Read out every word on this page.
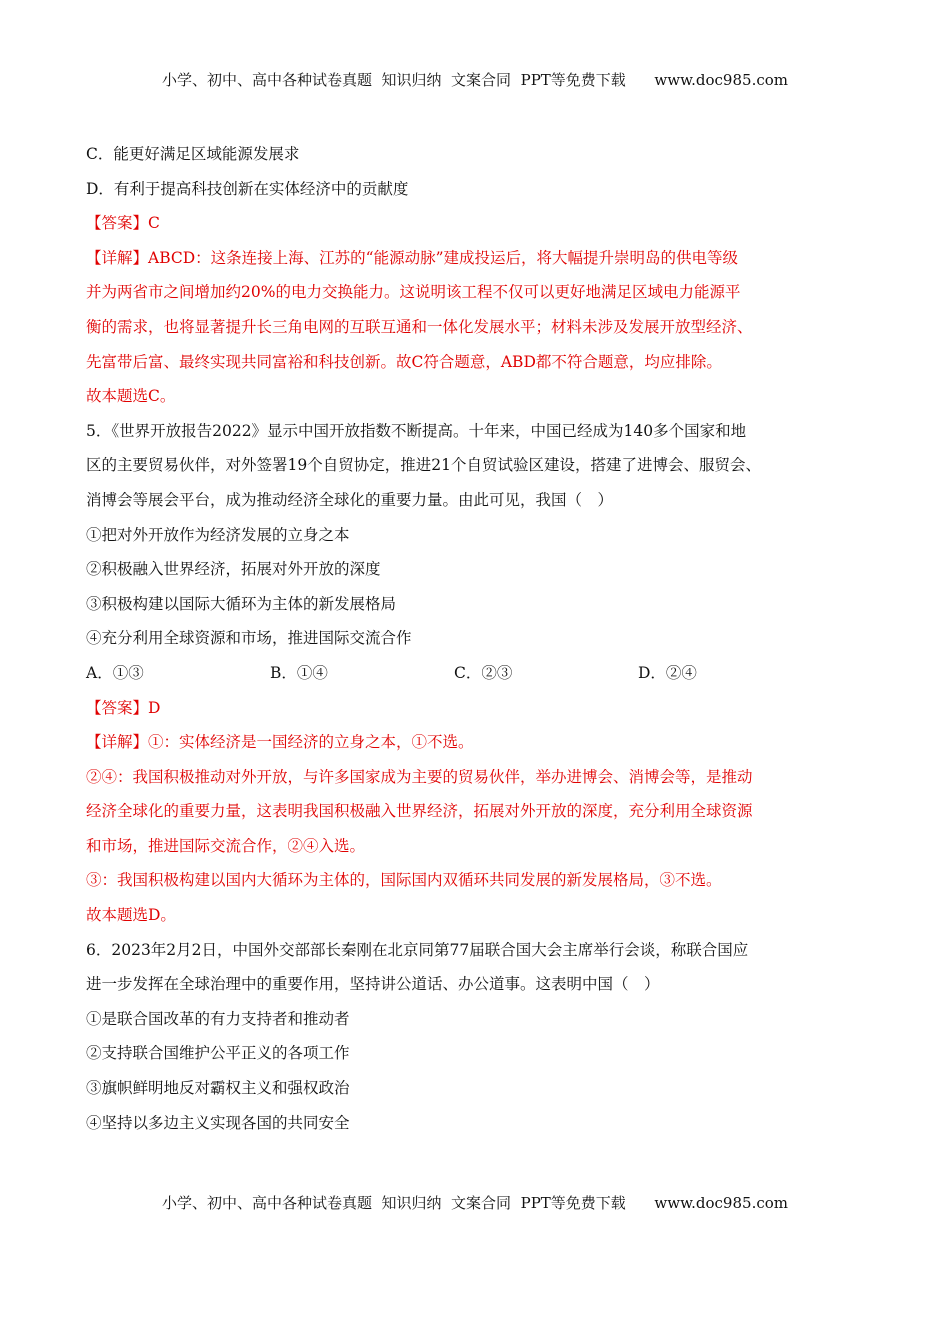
小学、初中、高中各种试卷真题  知识归纳  文案合同  PPT等免费下载      www.doc985.com
C．能更好满足区域能源发展求
D．有利于提高科技创新在实体经济中的贡献度
【答案】C
【详解】ABCD：这条连接上海、江苏的“能源动脉”建成投运后，将大幅提升崇明岛的供电等级
并为两省市之间增加约20%的电力交换能力。这说明该工程不仅可以更好地满足区域电力能源平
衡的需求，也将显著提升长三角电网的互联互通和一体化发展水平；材料未涉及发展开放型经济、
先富带后富、最终实现共同富裕和科技创新。故C符合题意，ABD都不符合题意，均应排除。
故本题选C。
5．《世界开放报告2022》显示中国开放指数不断提高。十年来，中国已经成为140多个国家和地
区的主要贸易伙伴，对外签署19个自贸协定，推进21个自贸试验区建设，搭建了进博会、服贸会、
消博会等展会平台，成为推动经济全球化的重要力量。由此可见，我国（　）
①把对外开放作为经济发展的立身之本
②积极融入世界经济，拓展对外开放的深度
③积极构建以国际大循环为主体的新发展格局
④充分利用全球资源和市场，推进国际交流合作
A．①③	B．①④	C．②③	D．②④
【答案】D
【详解】①：实体经济是一国经济的立身之本，①不选。
②④：我国积极推动对外开放，与许多国家成为主要的贸易伙伴，举办进博会、消博会等，是推动
经济全球化的重要力量，这表明我国积极融入世界经济，拓展对外开放的深度，充分利用全球资源
和市场，推进国际交流合作，②④入选。
③：我国积极构建以国内大循环为主体的，国际国内双循环共同发展的新发展格局，③不选。
故本题选D。
6．2023年2月2日，中国外交部部长秦刚在北京同第77届联合国大会主席举行会谈，称联合国应
进一步发挥在全球治理中的重要作用，坚持讲公道话、办公道事。这表明中国（　）
①是联合国改革的有力支持者和推动者
②支持联合国维护公平正义的各项工作
③旗帜鲜明地反对霸权主义和强权政治
④坚持以多边主义实现各国的共同安全
小学、初中、高中各种试卷真题  知识归纳  文案合同  PPT等免费下载      www.doc985.com
